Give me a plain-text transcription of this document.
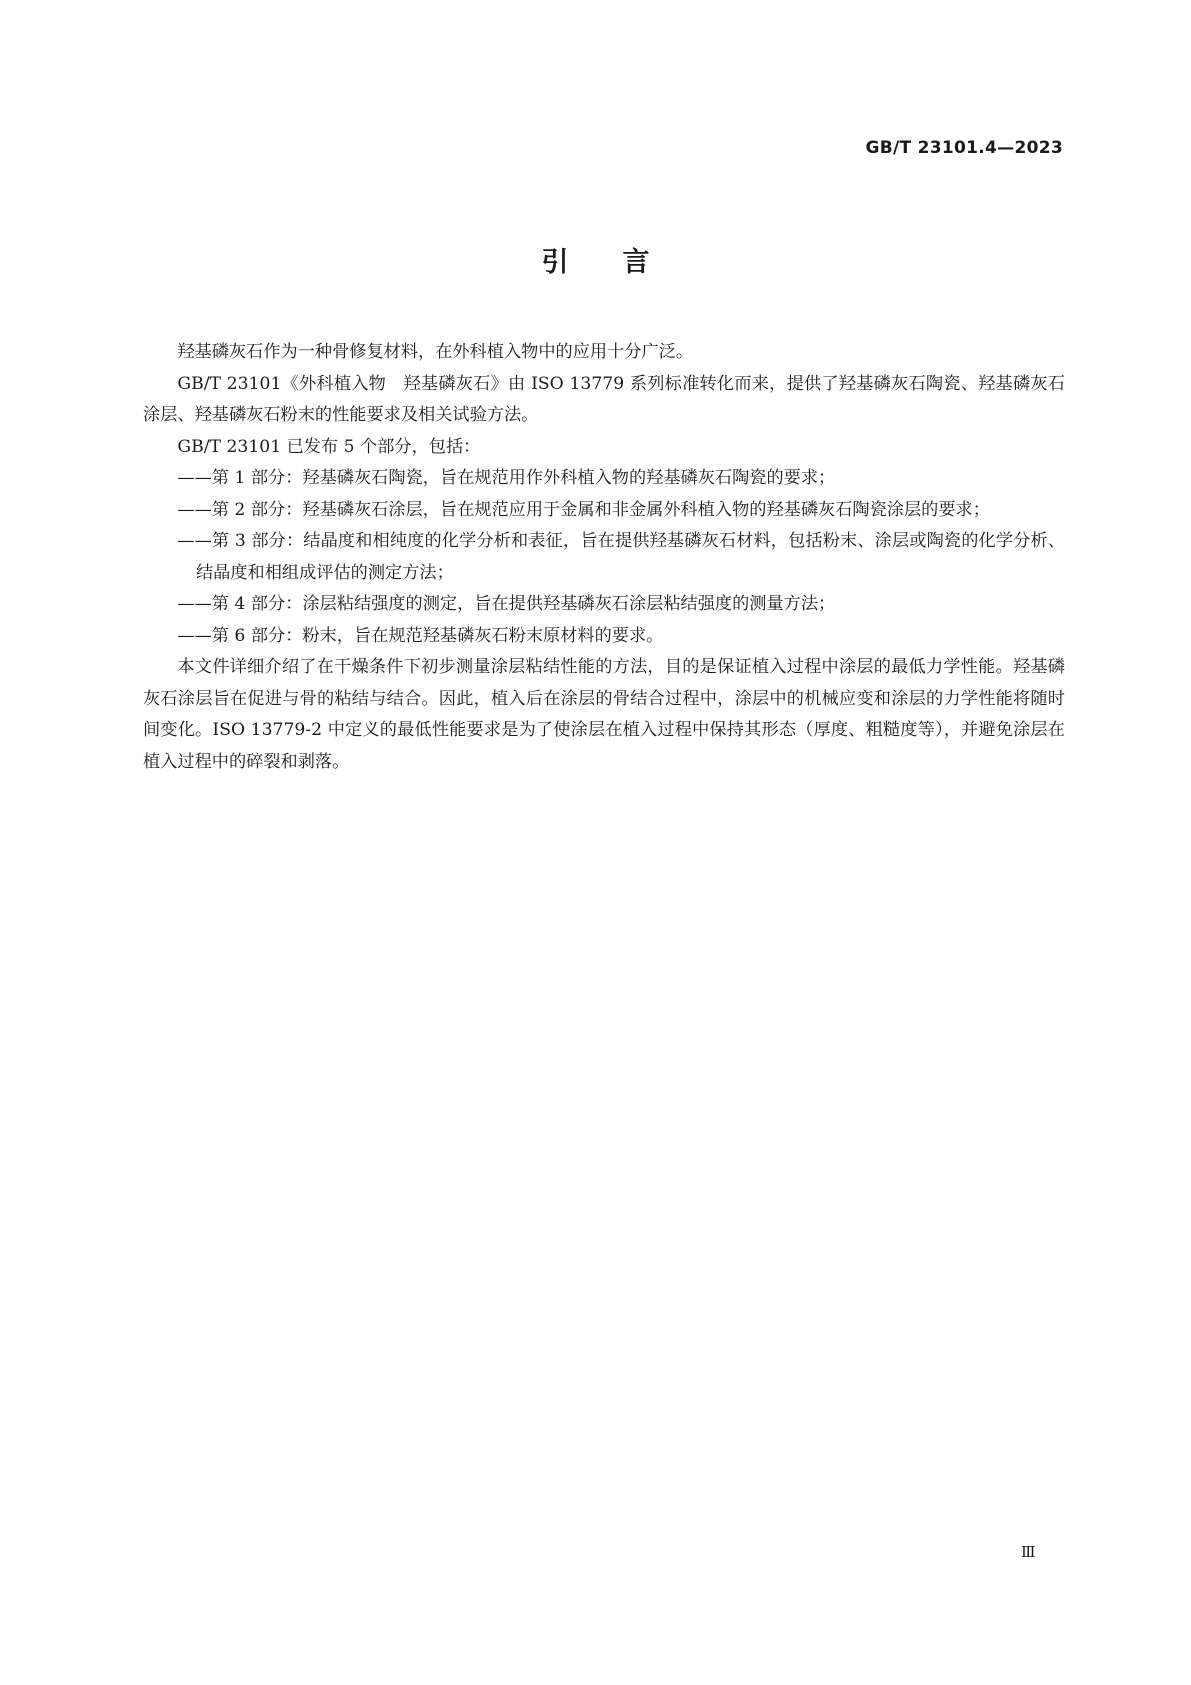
GB/T 23101.4—2023
引　　言

羟基磷灰石作为一种骨修复材料，在外科植入物中的应用十分广泛。

GB/T 23101《外科植入物　羟基磷灰石》由 ISO 13779 系列标准转化而来，提供了羟基磷灰石陶瓷、羟基磷灰石涂层、羟基磷灰石粉末的性能要求及相关试验方法。

GB/T 23101 已发布 5 个部分，包括：

——第 1 部分：羟基磷灰石陶瓷，旨在规范用作外科植入物的羟基磷灰石陶瓷的要求；

——第 2 部分：羟基磷灰石涂层，旨在规范应用于金属和非金属外科植入物的羟基磷灰石陶瓷涂层的要求；

——第 3 部分：结晶度和相纯度的化学分析和表征，旨在提供羟基磷灰石材料，包括粉末、涂层或陶瓷的化学分析、结晶度和相组成评估的测定方法；

——第 4 部分：涂层粘结强度的测定，旨在提供羟基磷灰石涂层粘结强度的测量方法；

——第 6 部分：粉末，旨在规范羟基磷灰石粉末原材料的要求。

本文件详细介绍了在干燥条件下初步测量涂层粘结性能的方法，目的是保证植入过程中涂层的最低力学性能。羟基磷灰石涂层旨在促进与骨的粘结与结合。因此，植入后在涂层的骨结合过程中，涂层中的机械应变和涂层的力学性能将随时间变化。ISO 13779-2 中定义的最低性能要求是为了使涂层在植入过程中保持其形态（厚度、粗糙度等），并避免涂层在植入过程中的碎裂和剥落。

Ⅲ
